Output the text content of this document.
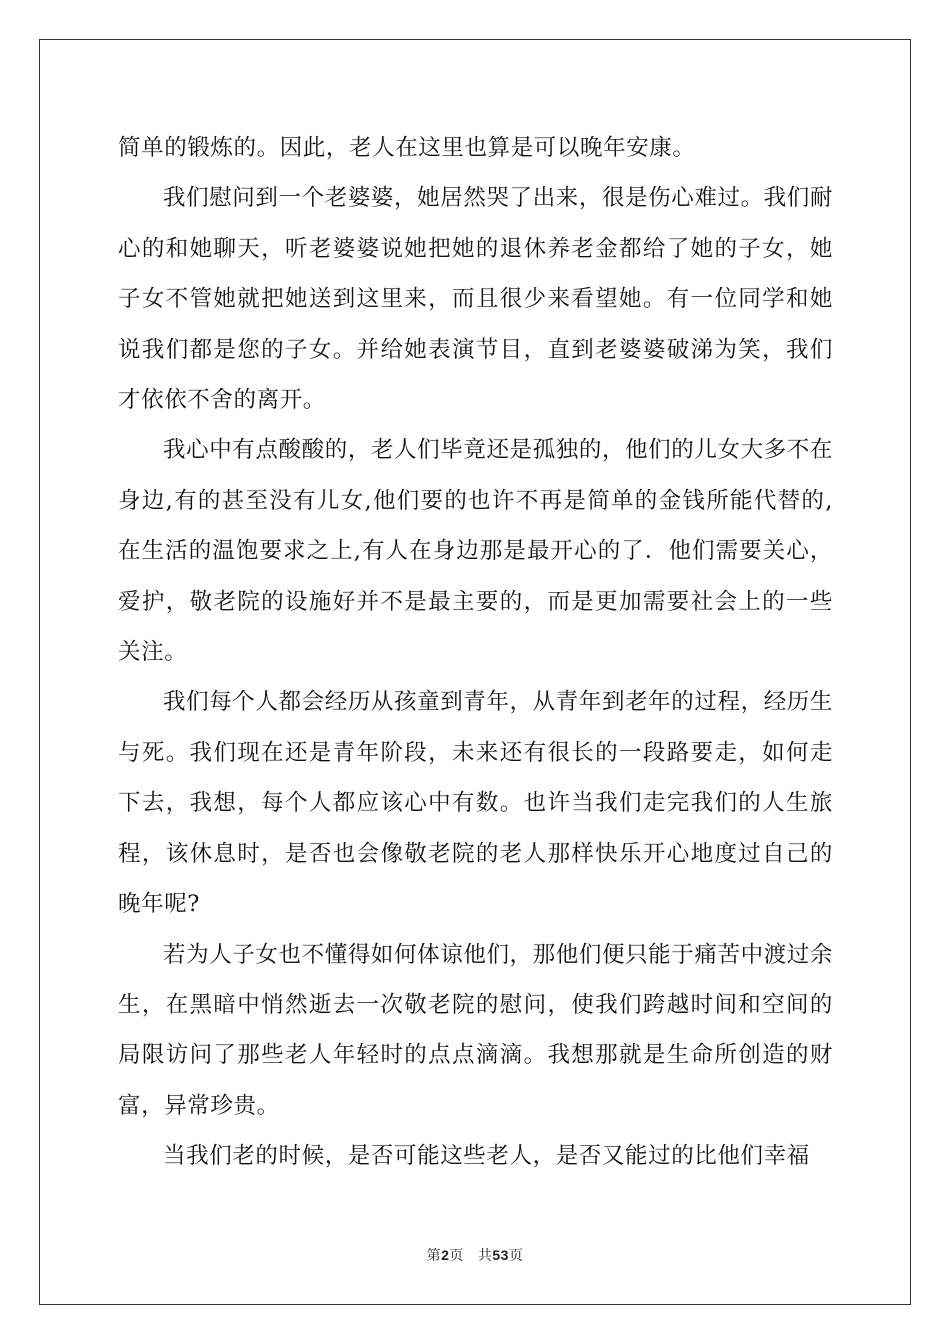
简单的锻炼的。因此，老人在这里也算是可以晚年安康。

我们慰问到一个老婆婆，她居然哭了出来，很是伤心难过。我们耐心的和她聊天，听老婆婆说她把她的退休养老金都给了她的子女，她子女不管她就把她送到这里来，而且很少来看望她。有一位同学和她说我们都是您的子女。并给她表演节目，直到老婆婆破涕为笑，我们才依依不舍的离开。

我心中有点酸酸的，老人们毕竟还是孤独的，他们的儿女大多不在身边,有的甚至没有儿女,他们要的也许不再是简单的金钱所能代替的,在生活的温饱要求之上,有人在身边那是最开心的了．他们需要关心，爱护，敬老院的设施好并不是最主要的，而是更加需要社会上的一些关注。

我们每个人都会经历从孩童到青年，从青年到老年的过程，经历生与死。我们现在还是青年阶段，未来还有很长的一段路要走，如何走下去，我想，每个人都应该心中有数。也许当我们走完我们的人生旅程，该休息时，是否也会像敬老院的老人那样快乐开心地度过自己的晚年呢?

若为人子女也不懂得如何体谅他们，那他们便只能于痛苦中渡过余生，在黑暗中悄然逝去一次敬老院的慰问，使我们跨越时间和空间的局限访问了那些老人年轻时的点点滴滴。我想那就是生命所创造的财富，异常珍贵。

当我们老的时候，是否可能这些老人，是否又能过的比他们幸福

第2页 共53页
